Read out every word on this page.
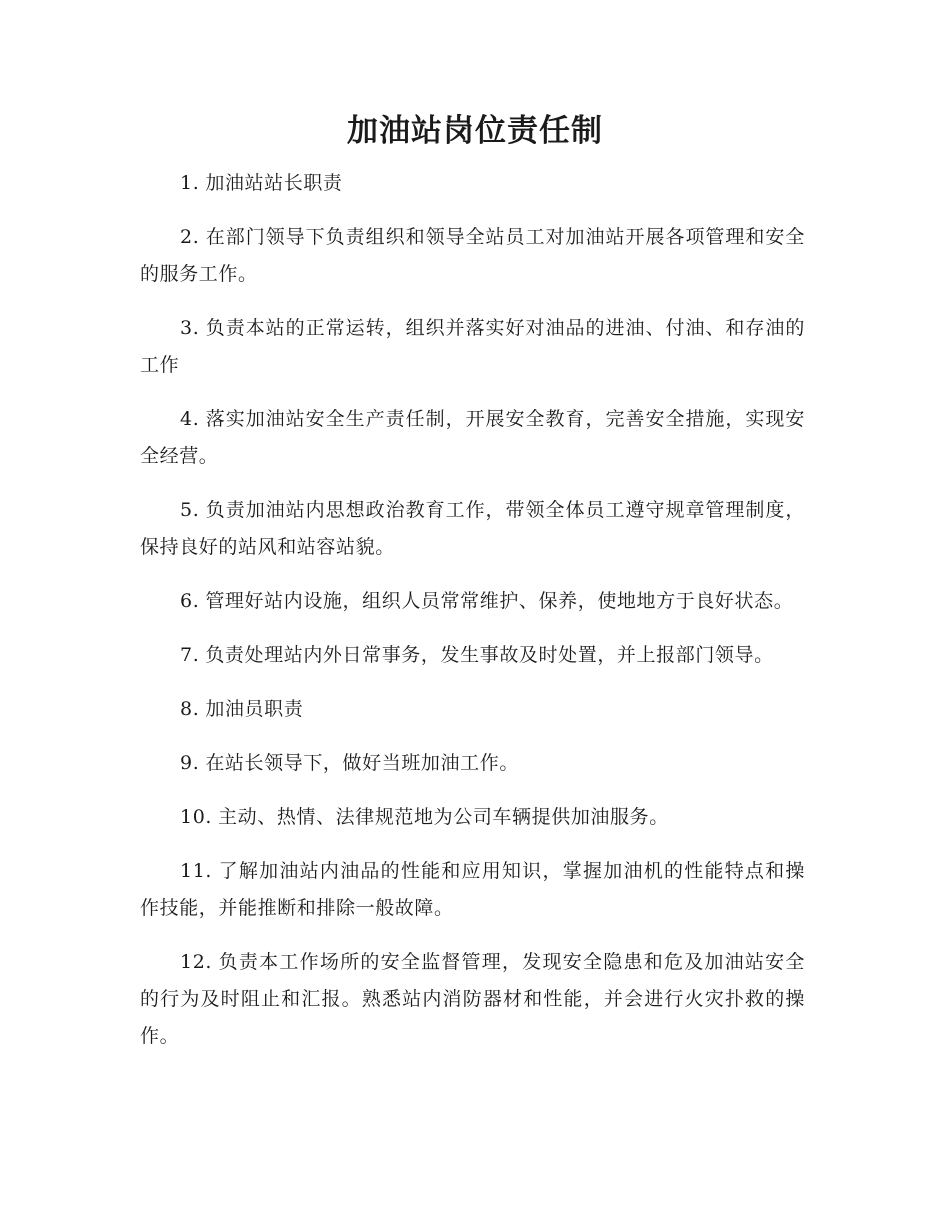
加油站岗位责任制

1. 加油站站长职责

2. 在部门领导下负责组织和领导全站员工对加油站开展各项管理和安全的服务工作。

3. 负责本站的正常运转，组织并落实好对油品的进油、付油、和存油的工作

4. 落实加油站安全生产责任制，开展安全教育，完善安全措施，实现安全经营。

5. 负责加油站内思想政治教育工作，带领全体员工遵守规章管理制度，保持良好的站风和站容站貌。

6. 管理好站内设施，组织人员常常维护、保养，使地地方于良好状态。

7. 负责处理站内外日常事务，发生事故及时处置，并上报部门领导。

8. 加油员职责

9. 在站长领导下，做好当班加油工作。

10. 主动、热情、法律规范地为公司车辆提供加油服务。

11. 了解加油站内油品的性能和应用知识，掌握加油机的性能特点和操作技能，并能推断和排除一般故障。

12. 负责本工作场所的安全监督管理，发现安全隐患和危及加油站安全的行为及时阻止和汇报。熟悉站内消防器材和性能，并会进行火灾扑救的操作。
